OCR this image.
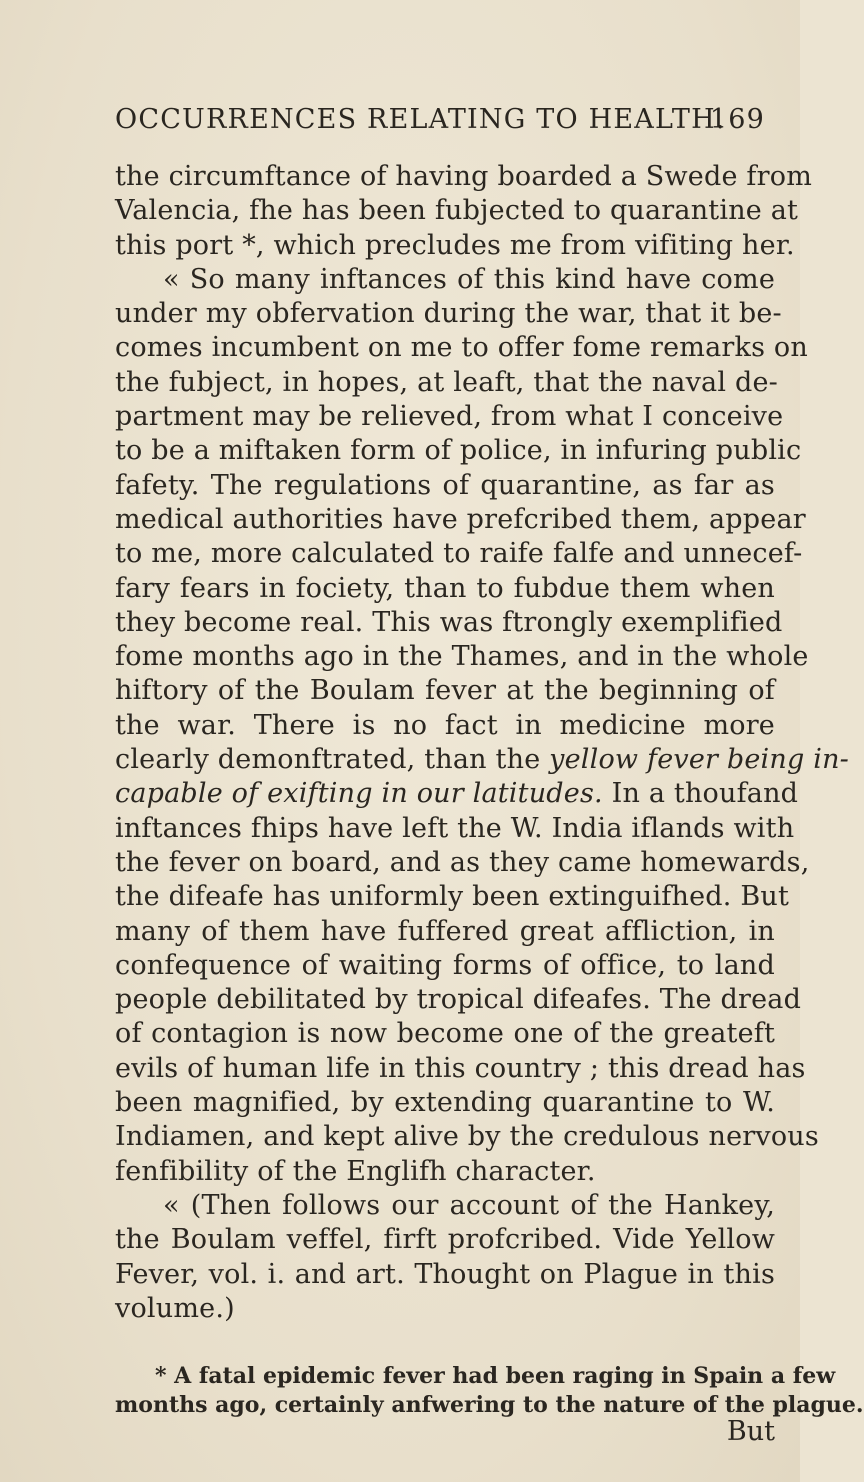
OCCURRENCES RELATING TO HEALTH.
169
the circumftance of having boarded a Swede from
Valencia, fhe has been fubjected to quarantine at
this port *, which precludes me from vifiting her.
« So many inftances of this kind have come
under my obfervation during the war, that it be-
comes incumbent on me to offer fome remarks on
the fubject, in hopes, at leaft, that the naval de-
partment may be relieved, from what I conceive
to be a miftaken form of police, in infuring public
fafety. The regulations of quarantine, as far as
medical authorities have prefcribed them, appear
to me, more calculated to raife falfe and unnecef-
fary fears in fociety, than to fubdue them when
they become real. This was ftrongly exemplified
fome months ago in the Thames, and in the whole
hiftory of the Boulam fever at the beginning of
the war. There is no fact in medicine more
clearly demonftrated, than the yellow fever being in-
capable of exifting in our latitudes. In a thoufand
inftances fhips have left the W. India iflands with
the fever on board, and as they came homewards,
the difeafe has uniformly been extinguifhed. But
many of them have fuffered great affliction, in
confequence of waiting forms of office, to land
people debilitated by tropical difeafes. The dread
of contagion is now become one of the greateft
evils of human life in this country ; this dread has
been magnified, by extending quarantine to W.
Indiamen, and kept alive by the credulous nervous
fenfibility of the Englifh character.
« (Then follows our account of the Hankey,
the Boulam veffel, firft profcribed. Vide Yellow
Fever, vol. i. and art. Thought on Plague in this
volume.)
* A fatal epidemic fever had been raging in Spain a few
months ago, certainly anfwering to the nature of the plague.
But
